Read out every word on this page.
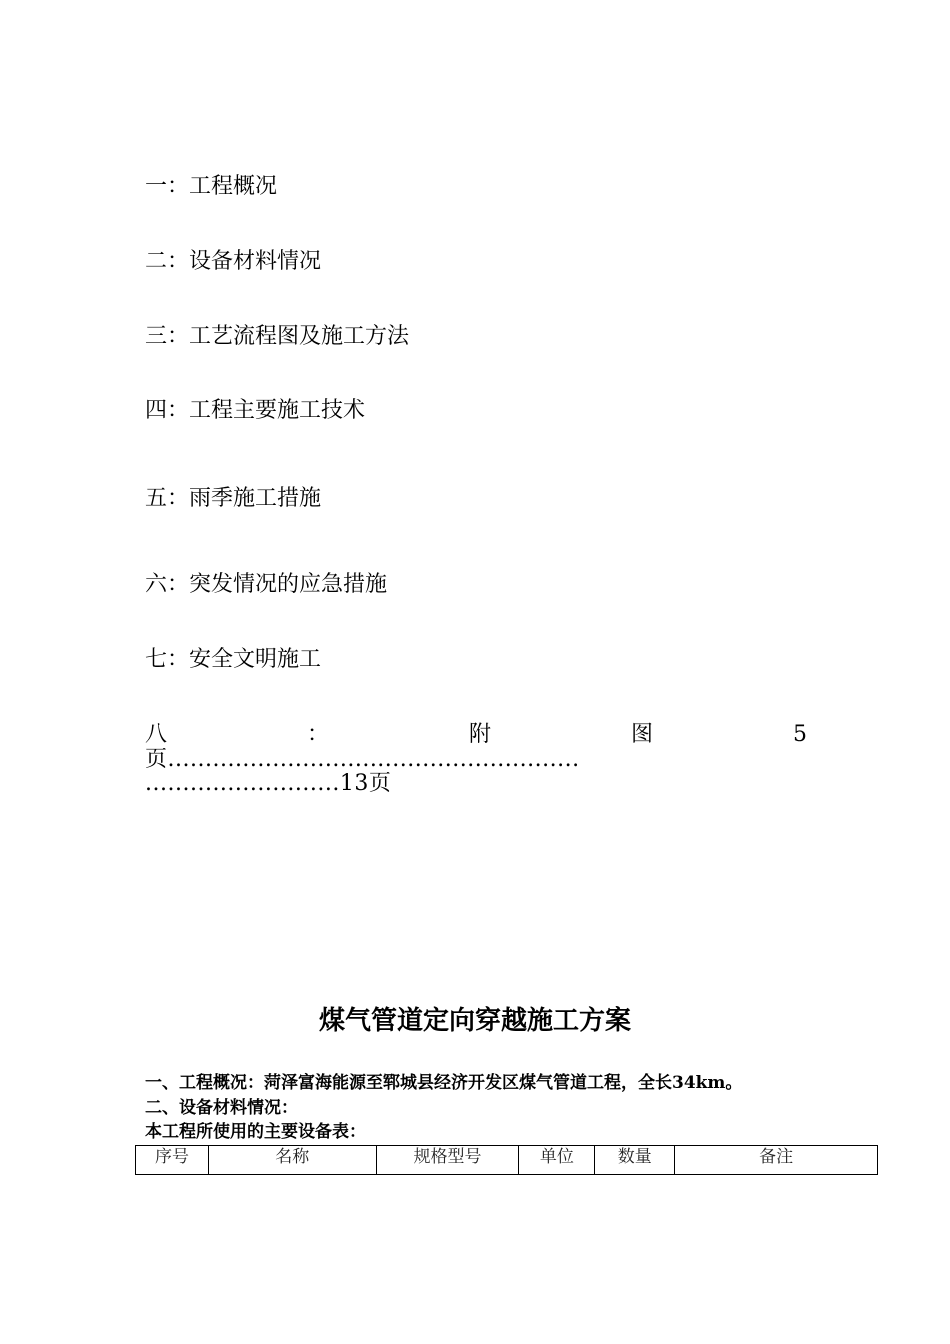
一：工程概况
二：设备材料情况
三：工艺流程图及施工方法
四：工程主要施工技术
五：雨季施工措施
六：突发情况的应急措施
七：安全文明施工
八	：	附	图	5
页.......................................................
..........................13页
煤气管道定向穿越施工方案
一、工程概况：菏泽富海能源至郓城县经济开发区煤气管道工程，全长34km。
二、设备材料情况：
本工程所使用的主要设备表：
序号	名称	规格型号	单位	数量	备注
